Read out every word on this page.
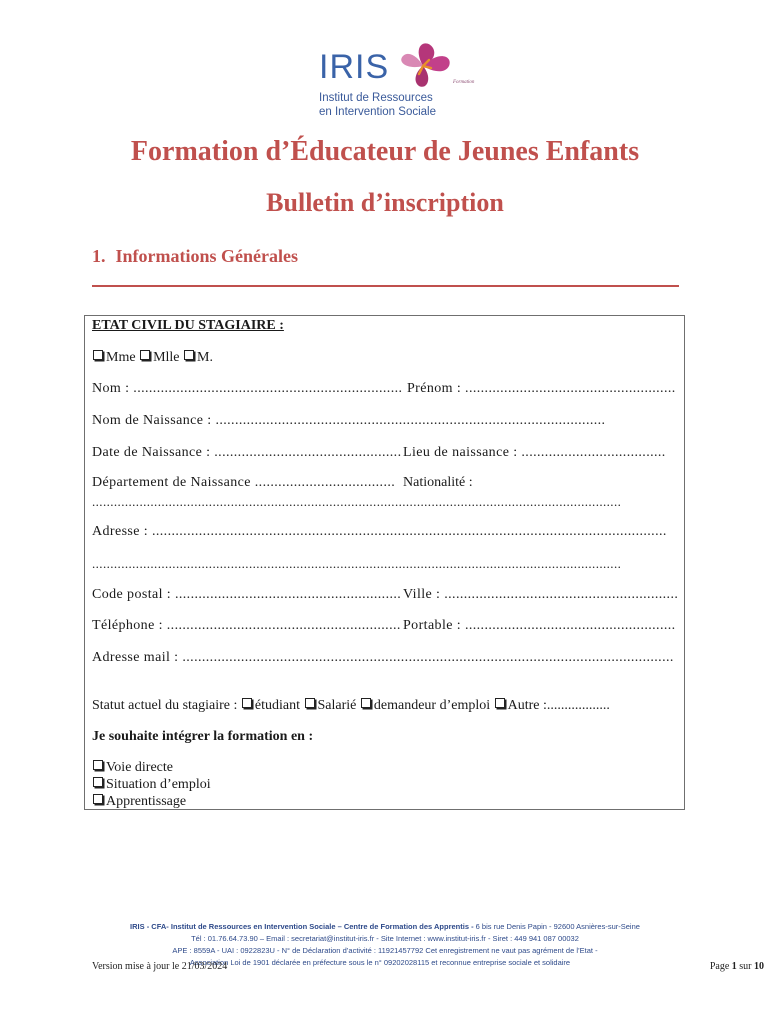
IRIS	Formation
Institut de Ressources
en Intervention Sociale
Formation d’Éducateur de Jeunes Enfants
Bulletin d’inscription
1. Informations Générales
ETAT CIVIL DU STAGIAIRE :
Mme Mlle M.
Nom : ..................................................................... Prénom : ......................................................
Nom de Naissance : ....................................................................................................
Date de Naissance : ................................................ Lieu de naissance : .....................................
Département de Naissance .................................... Nationalité :
.................................................................................................................................................
Adresse : ....................................................................................................................................
.................................................................................................................................................
Code postal : .......................................................... Ville : ............................................................
Téléphone : ............................................................ Portable : ......................................................
Adresse mail : ..............................................................................................................................
Statut actuel du stagiaire : étudiant Salarié demandeur d’emploi Autre :..................
Je souhaite intégrer la formation en :
Voie directe
Situation d’emploi
Apprentissage
IRIS - CFA- Institut de Ressources en Intervention Sociale – Centre de Formation des Apprentis - 6 bis rue Denis Papin - 92600 Asnières-sur-Seine
Tél : 01.76.64.73.90 – Email : secretariat@institut-iris.fr - Site Internet : www.institut-iris.fr - Siret : 449 941 087 00032
APE : 8559A - UAI : 0922823U - N° de Déclaration d’activité : 11921457792 Cet enregistrement ne vaut pas agrément de l’Etat -
Association Loi de 1901 déclarée en préfecture sous le n° 09202028115 et reconnue entreprise sociale et solidaire
Version mise à jour le 21/03/2024	Page 1 sur 10
